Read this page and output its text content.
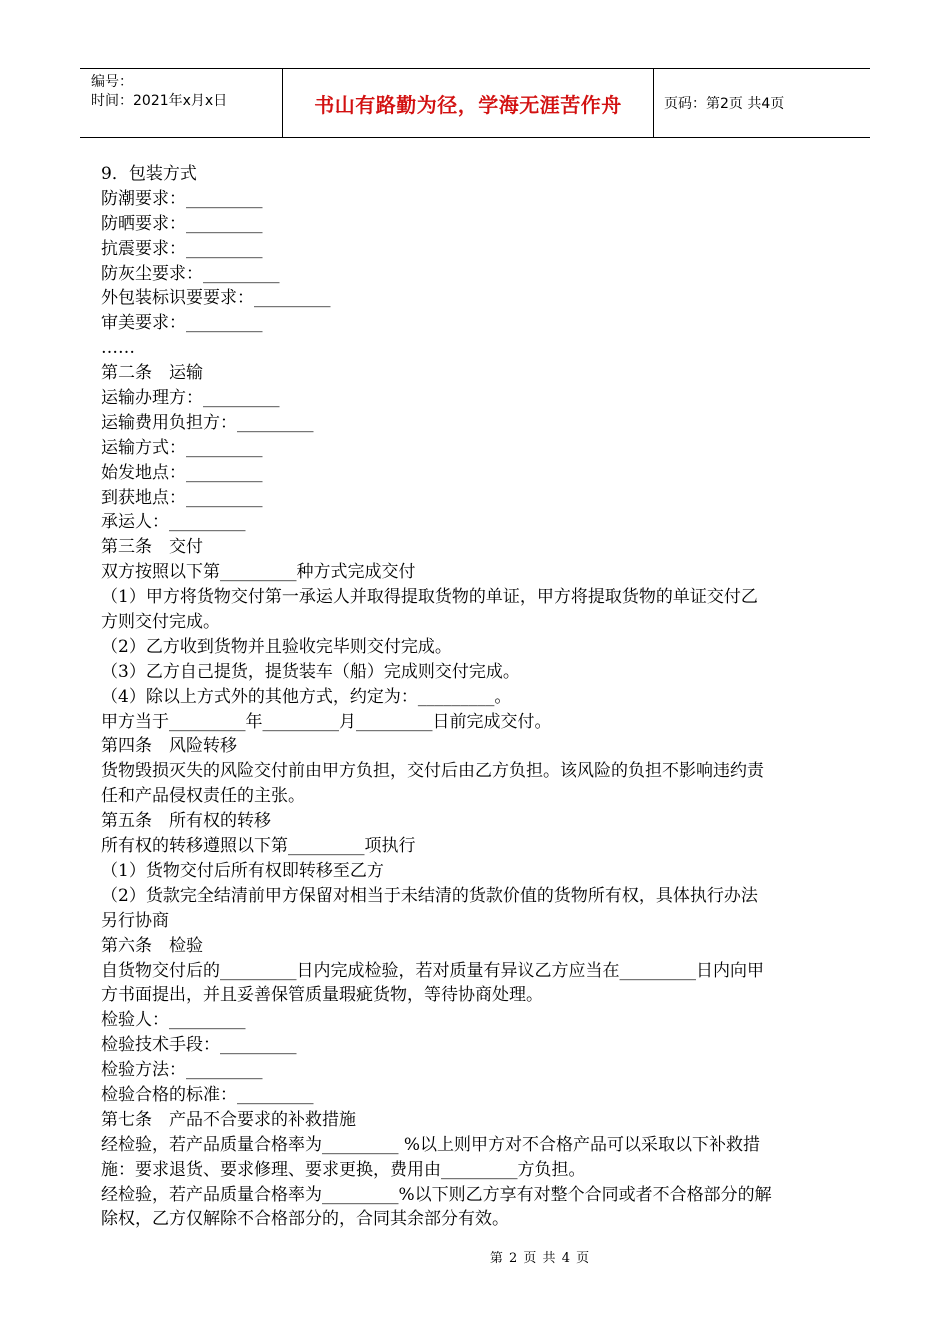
编号：
时间：2021年x月x日	书山有路勤为径，学海无涯苦作舟	页码：第2页 共4页
9．包装方式
防潮要求：_________
防晒要求：_________
抗震要求：_________
防灰尘要求：_________
外包装标识要要求：_________
审美要求：_________
……
第二条　运输
运输办理方：_________
运输费用负担方：_________
运输方式：_________
始发地点：_________
到获地点：_________
承运人：_________
第三条　交付
双方按照以下第_________种方式完成交付
（1）甲方将货物交付第一承运人并取得提取货物的单证，甲方将提取货物的单证交付乙
方则交付完成。
（2）乙方收到货物并且验收完毕则交付完成。
（3）乙方自己提货，提货装车（船）完成则交付完成。
（4）除以上方式外的其他方式，约定为：_________。
甲方当于_________年_________月_________日前完成交付。
第四条　风险转移
货物毁损灭失的风险交付前由甲方负担，交付后由乙方负担。该风险的负担不影响违约责
任和产品侵权责任的主张。
第五条　所有权的转移
所有权的转移遵照以下第_________项执行
（1）货物交付后所有权即转移至乙方
（2）货款完全结清前甲方保留对相当于未结清的货款价值的货物所有权，具体执行办法
另行协商
第六条　检验
自货物交付后的_________日内完成检验，若对质量有异议乙方应当在_________日内向甲
方书面提出，并且妥善保管质量瑕疵货物，等待协商处理。
检验人：_________
检验技术手段：_________
检验方法：_________
检验合格的标准：_________
第七条　产品不合要求的补救措施
经检验，若产品质量合格率为_________ %以上则甲方对不合格产品可以采取以下补救措
施：要求退货、要求修理、要求更换，费用由_________方负担。
经检验，若产品质量合格率为_________%以下则乙方享有对整个合同或者不合格部分的解
除权，乙方仅解除不合格部分的，合同其余部分有效。
第 2 页 共 4 页
